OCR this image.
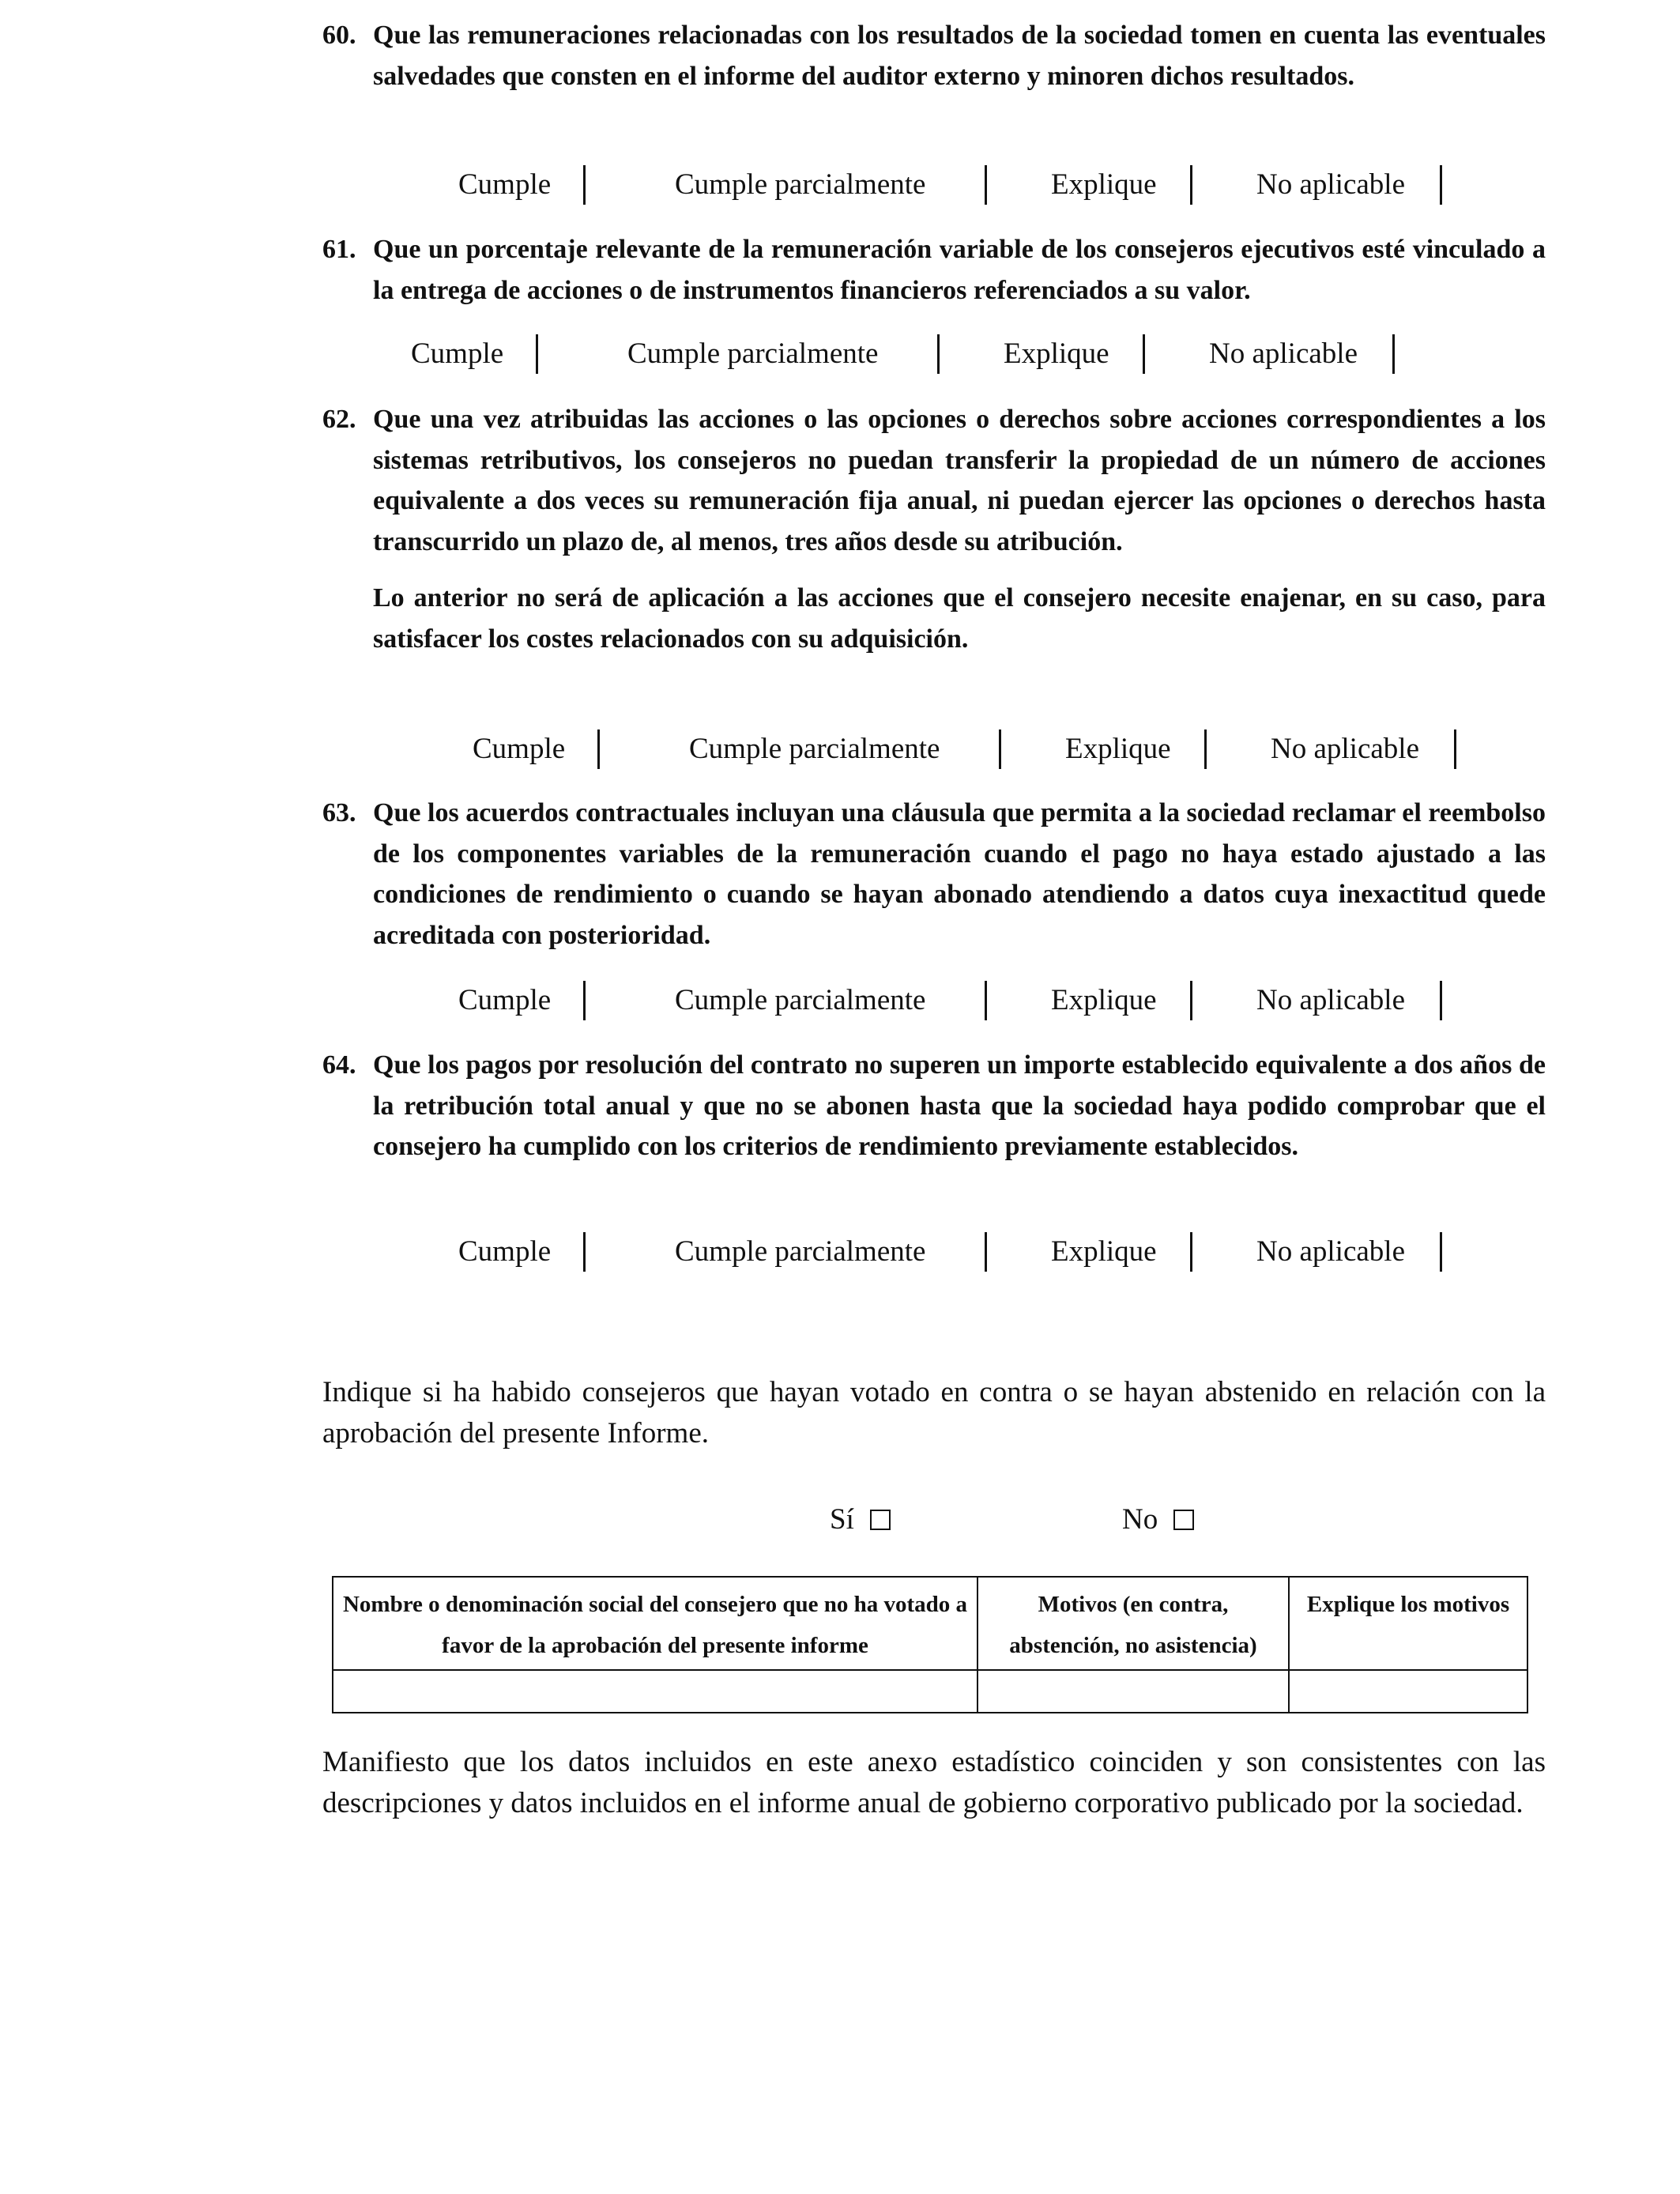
60. Que las remuneraciones relacionadas con los resultados de la sociedad tomen en cuenta las eventuales salvedades que consten en el informe del auditor externo y minoren dichos resultados.
Cumple	Cumple parcialmente	Explique	No aplicable
61. Que un porcentaje relevante de la remuneración variable de los consejeros ejecutivos esté vinculado a la entrega de acciones o de instrumentos financieros referenciados a su valor.
Cumple	Cumple parcialmente	Explique	No aplicable
62. Que una vez atribuidas las acciones o las opciones o derechos sobre acciones correspondientes a los sistemas retributivos, los consejeros no puedan transferir la propiedad de un número de acciones equivalente a dos veces su remuneración fija anual, ni puedan ejercer las opciones o derechos hasta transcurrido un plazo de, al menos, tres años desde su atribución.
Lo anterior no será de aplicación a las acciones que el consejero necesite enajenar, en su caso, para satisfacer los costes relacionados con su adquisición.
Cumple	Cumple parcialmente	Explique	No aplicable
63. Que los acuerdos contractuales incluyan una cláusula que permita a la sociedad reclamar el reembolso de los componentes variables de la remuneración cuando el pago no haya estado ajustado a las condiciones de rendimiento o cuando se hayan abonado atendiendo a datos cuya inexactitud quede acreditada con posterioridad.
Cumple	Cumple parcialmente	Explique	No aplicable
64. Que los pagos por resolución del contrato no superen un importe establecido equivalente a dos años de la retribución total anual y que no se abonen hasta que la sociedad haya podido comprobar que el consejero ha cumplido con los criterios de rendimiento previamente establecidos.
Cumple	Cumple parcialmente	Explique	No aplicable
Indique si ha habido consejeros que hayan votado en contra o se hayan abstenido en relación con la aprobación del presente Informe.
Sí	No
Nombre o denominación social del consejero que no ha votado a favor de la aprobación del presente informe	Motivos (en contra, abstención, no asistencia)	Explique los motivos

Manifiesto que los datos incluidos en este anexo estadístico coinciden y son consistentes con las descripciones y datos incluidos en el informe anual de gobierno corporativo publicado por la sociedad.
